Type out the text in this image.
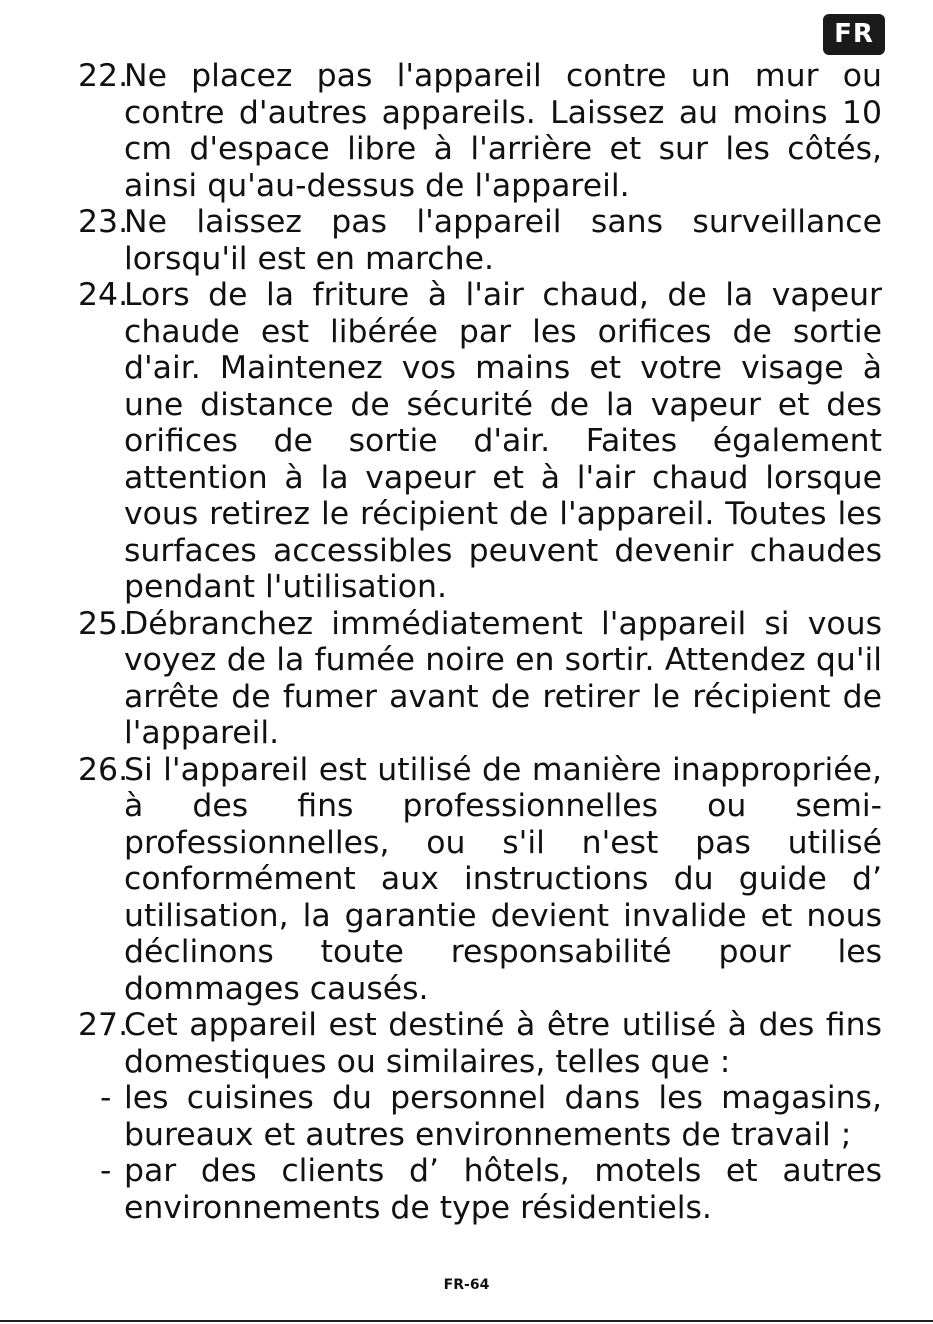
FR

22.
Ne placez pas l'appareil contre un mur ou contre d'autres appareils. Laissez au moins 10 cm d'espace libre à l'arrière et sur les côtés, ainsi qu'au-dessus de l'appareil.

23.
Ne laissez pas l'appareil sans surveillance lorsqu'il est en marche.

24.
Lors de la friture à l'air chaud, de la vapeur chaude est libérée par les orifices de sortie d'air. Maintenez vos mains et votre visage à une distance de sécurité de la vapeur et des orifices de sortie d'air. Faites également attention à la vapeur et à l'air chaud lorsque vous retirez le récipient de l'appareil. Toutes les surfaces accessibles peuvent devenir chaudes pendant l'utilisation.

25.
Débranchez immédiatement l'appareil si vous voyez de la fumée noire en sortir. Attendez qu'il arrête de fumer avant de retirer le récipient de l'appareil.

26.
Si l'appareil est utilisé de manière inappropriée, à des fins professionnelles ou semi-professionnelles, ou s'il n'est pas utilisé conformément aux instructions du guide d’ utilisation, la garantie devient invalide et nous déclinons toute responsabilité pour les dommages causés.

27.
Cet appareil est destiné à être utilisé à des fins domestiques ou similaires, telles que :

- les cuisines du personnel dans les magasins, bureaux et autres environnements de travail ;

- par des clients d’ hôtels, motels et autres environnements de type résidentiels.

FR-64
